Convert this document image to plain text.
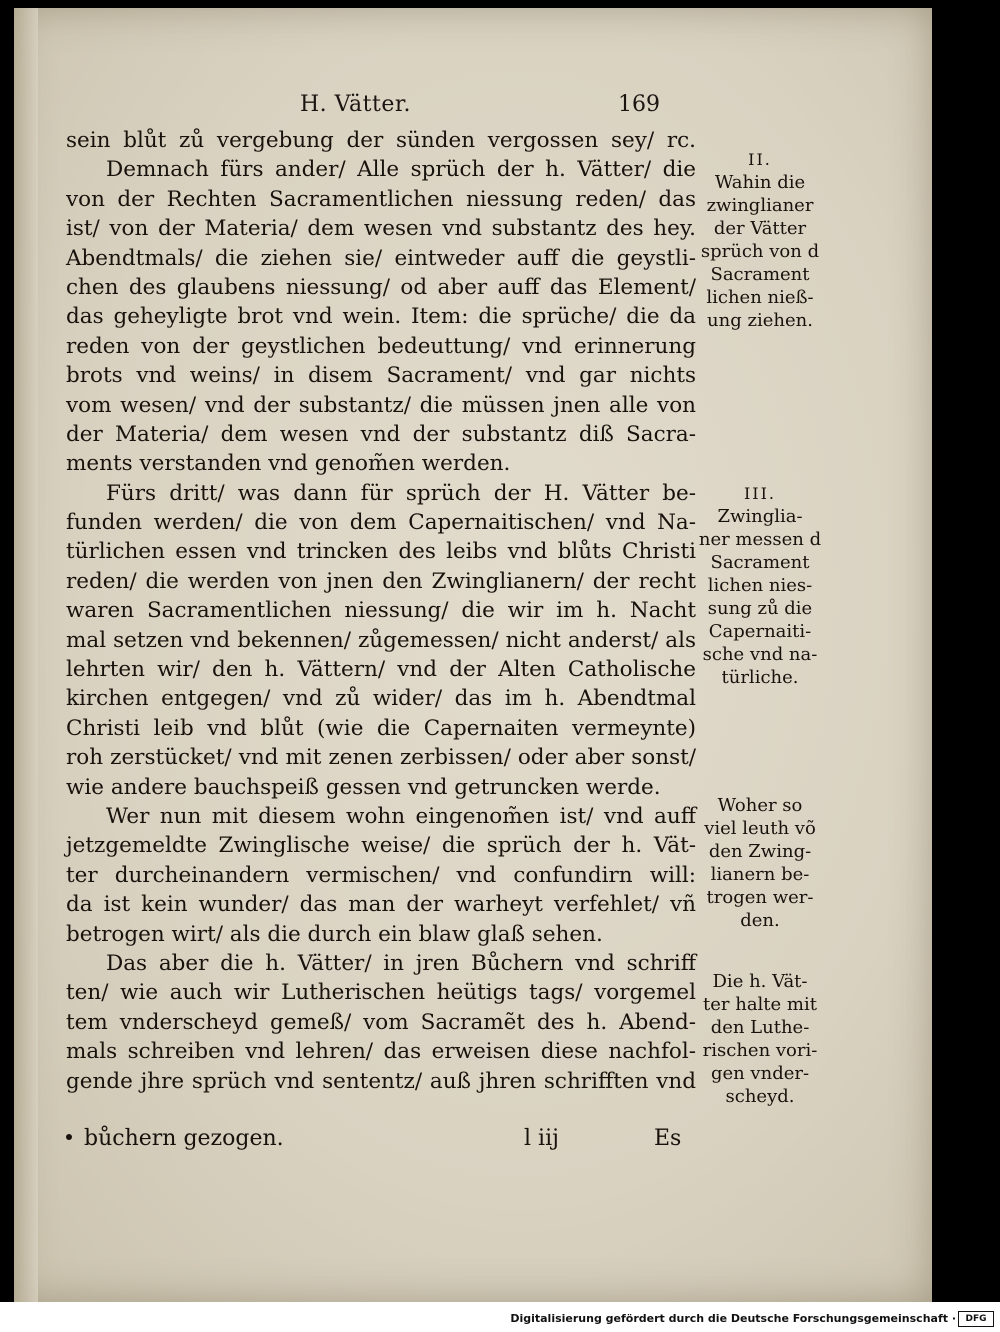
H. Vätter.	169
sein blůt zů vergebung der sünden vergossen sey/ rc.
Demnach fürs ander/ Alle sprüch der h. Vätter/ die
von der Rechten Sacramentlichen niessung reden/ das
ist/ von der Materia/ dem wesen vnd substantz des hey.
Abendtmals/ die ziehen sie/ eintweder auff die geystli-
chen des glaubens niessung/ od aber auff das Element/
das geheyligte brot vnd wein. Item: die sprüche/ die da
reden von der geystlichen bedeuttung/ vnd erinnerung
brots vnd weins/ in disem Sacrament/ vnd gar nichts
vom wesen/ vnd der substantz/ die müssen jnen alle von
der Materia/ dem wesen vnd der substantz diß Sacra-
ments verstanden vnd genom̃en werden.
Fürs dritt/ was dann für sprüch der H. Vätter be-
funden werden/ die von dem Capernaitischen/ vnd Na-
türlichen essen vnd trincken des leibs vnd blůts Christi
reden/ die werden von jnen den Zwinglianern/ der recht
waren Sacramentlichen niessung/ die wir im h. Nacht
mal setzen vnd bekennen/ zůgemessen/ nicht anderst/ als
lehrten wir/ den h. Vättern/ vnd der Alten Catholische
kirchen entgegen/ vnd zů wider/ das im h. Abendtmal
Christi leib vnd blůt (wie die Capernaiten vermeynte)
roh zerstücket/ vnd mit zenen zerbissen/ oder aber sonst/
wie andere bauchspeiß gessen vnd getruncken werde.
Wer nun mit diesem wohn eingenom̃en ist/ vnd auff
jetzgemeldte Zwinglische weise/ die sprüch der h. Vät-
ter durcheinandern vermischen/ vnd confundirn will:
da ist kein wunder/ das man der warheyt verfehlet/ vñ
betrogen wirt/ als die durch ein blaw glaß sehen.
Das aber die h. Vätter/ in jren Bůchern vnd schriff
ten/ wie auch wir Lutherischen heütigs tags/ vorgemel
tem vnderscheyd gemeß/ vom Sacramẽt des h. Abend-
mals schreiben vnd lehren/ das erweisen diese nachfol-
gende jhre sprüch vnd sententz/ auß jhren schrifften vnd
bůchern gezogen.	l iij	Es
II.
Wahin die
zwinglianer
der Vätter
sprüch von d
Sacrament
lichen nieß-
ung ziehen.
III.
Zwinglia-
ner messen d
Sacrament
lichen nies-
sung zů die
Capernaiti-
sche vnd na-
türliche.
Woher so
viel leuth võ
den Zwing-
lianern be-
trogen wer-
den.
Die h. Vät-
ter halte mit
den Luthe-
rischen vori-
gen vnder-
scheyd.
Digitalisierung gefördert durch die Deutsche Forschungsgemeinschaft ·	DFG
